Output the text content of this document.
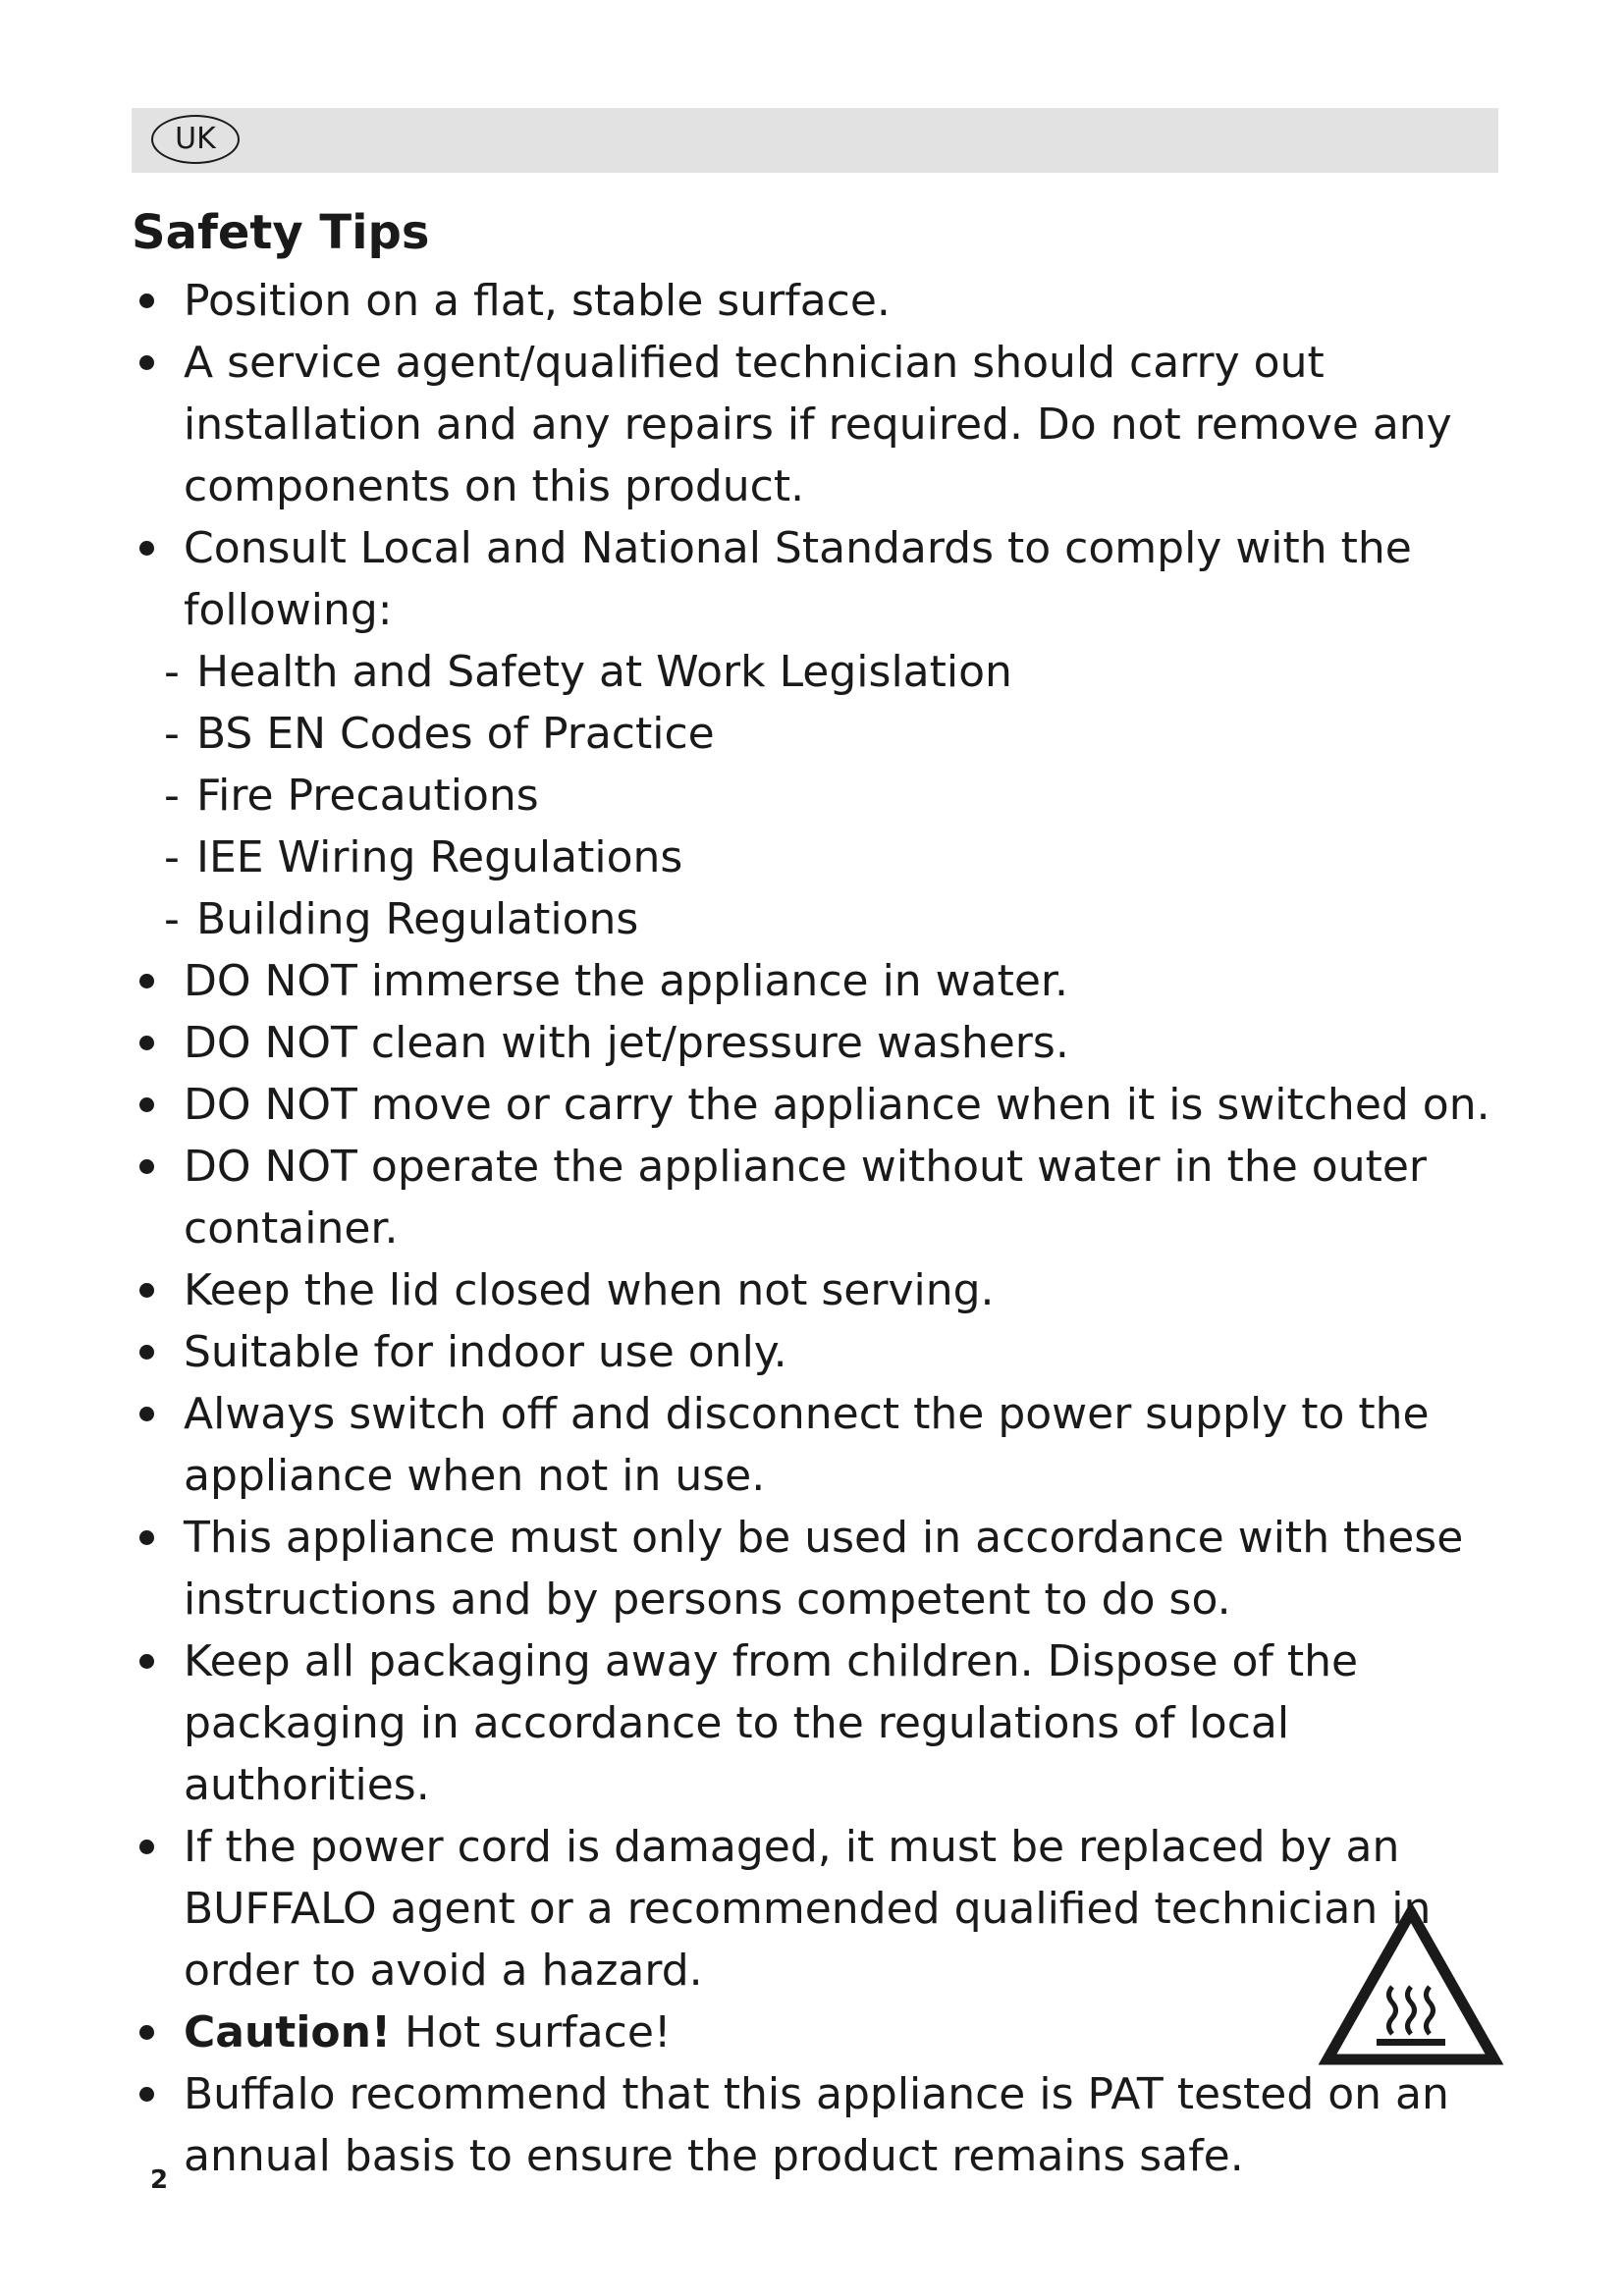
UK
Safety Tips
Position on a flat, stable surface.
A service agent/qualified technician should carry out installation and any repairs if required. Do not remove any components on this product.
Consult Local and National Standards to comply with the following:
- Health and Safety at Work Legislation
- BS EN Codes of Practice
- Fire Precautions
- IEE Wiring Regulations
- Building Regulations
DO NOT immerse the appliance in water.
DO NOT clean with jet/pressure washers.
DO NOT move or carry the appliance when it is switched on.
DO NOT operate the appliance without water in the outer container.
Keep the lid closed when not serving.
Suitable for indoor use only.
Always switch off and disconnect the power supply to the appliance when not in use.
This appliance must only be used in accordance with these instructions and by persons competent to do so.
Keep all packaging away from children. Dispose of the packaging in accordance to the regulations of local authorities.
If the power cord is damaged, it must be replaced by an BUFFALO agent or a recommended qualified technician in order to avoid a hazard.
Caution! Hot surface!
Buffalo recommend that this appliance is PAT tested on an annual basis to ensure the product remains safe.
2
